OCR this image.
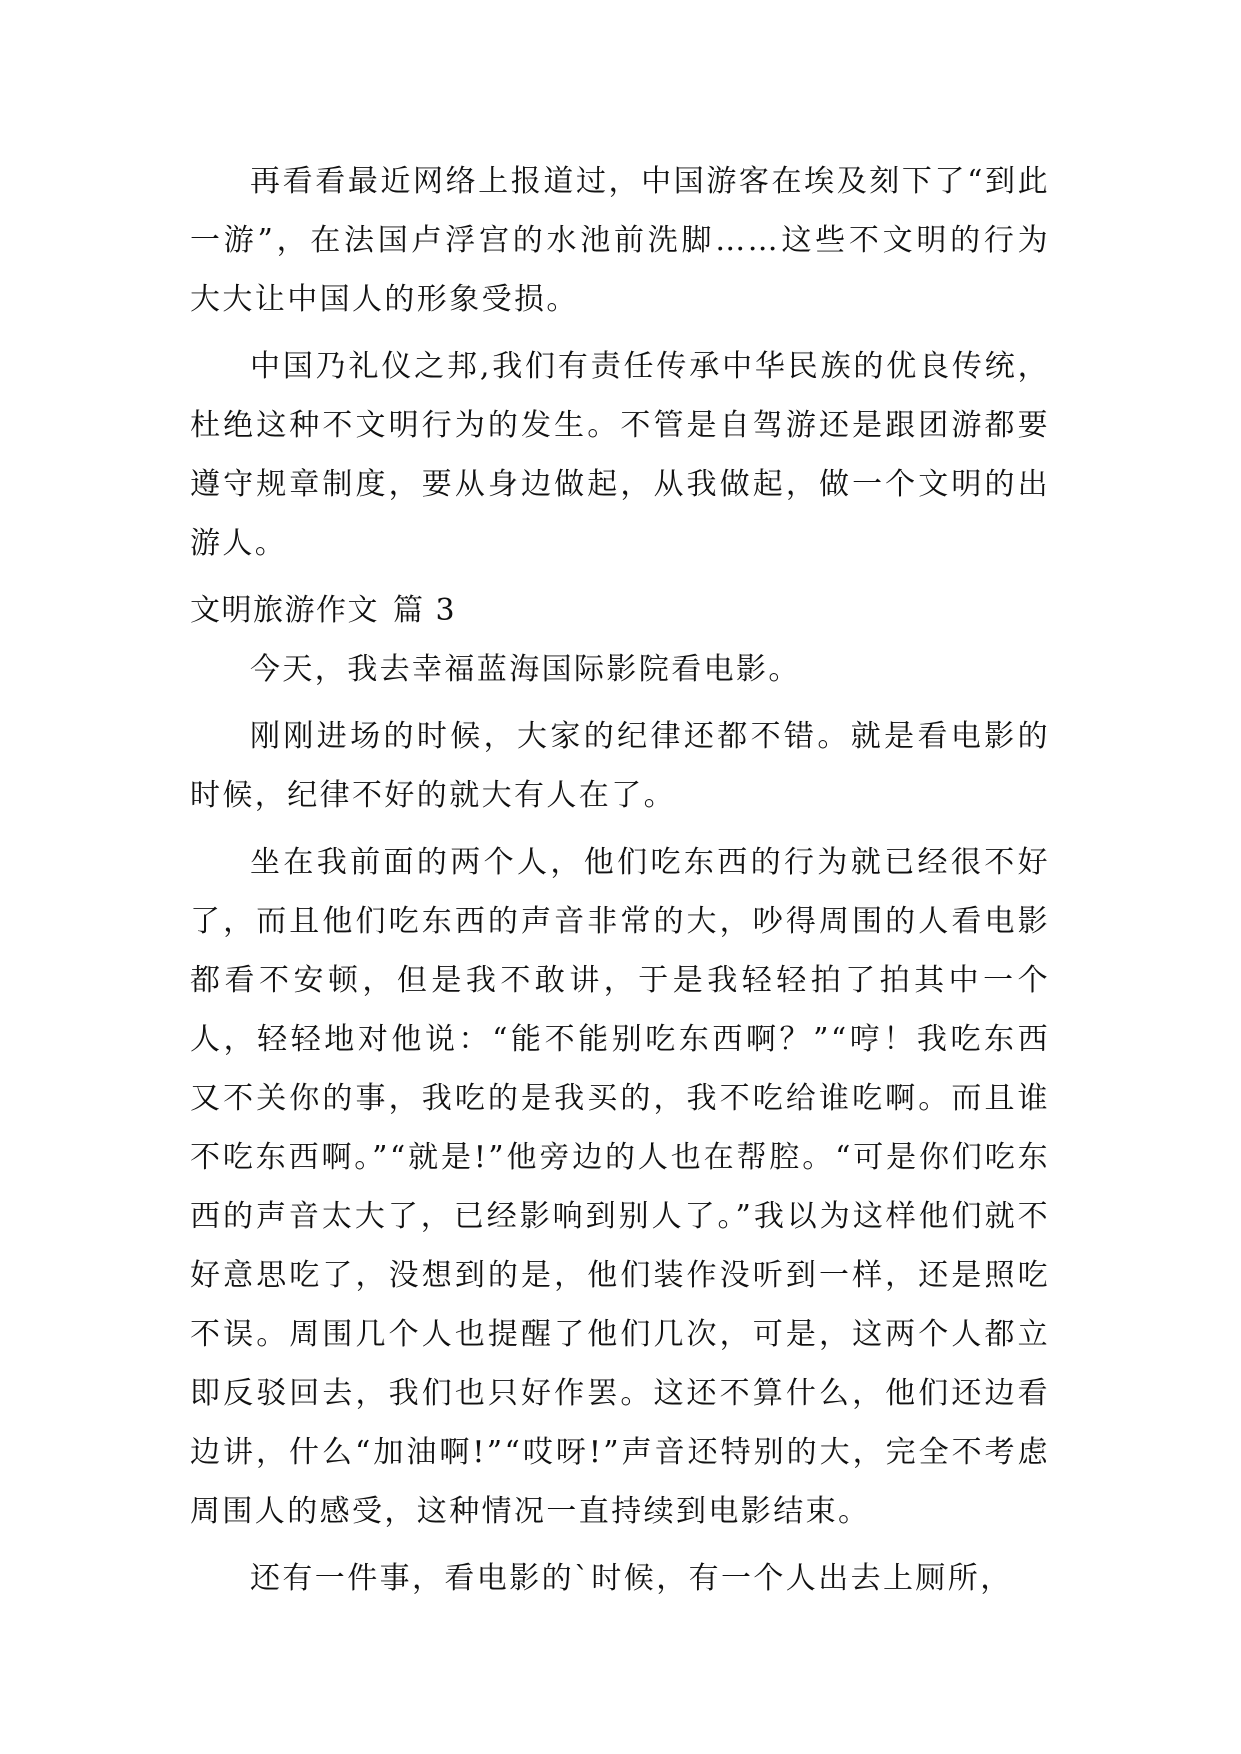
再看看最近网络上报道过，中国游客在埃及刻下了“到此一游”，在法国卢浮宫的水池前洗脚……这些不文明的行为大大让中国人的形象受损。

中国乃礼仪之邦,我们有责任传承中华民族的优良传统，杜绝这种不文明行为的发生。不管是自驾游还是跟团游都要遵守规章制度，要从身边做起，从我做起，做一个文明的出游人。

文明旅游作文 篇 3

今天，我去幸福蓝海国际影院看电影。

刚刚进场的时候，大家的纪律还都不错。就是看电影的时候，纪律不好的就大有人在了。

坐在我前面的两个人，他们吃东西的行为就已经很不好了，而且他们吃东西的声音非常的大，吵得周围的人看电影都看不安顿，但是我不敢讲，于是我轻轻拍了拍其中一个人，轻轻地对他说：“能不能别吃东西啊？”“哼！我吃东西又不关你的事，我吃的是我买的，我不吃给谁吃啊。而且谁不吃东西啊。”“就是!”他旁边的人也在帮腔。“可是你们吃东西的声音太大了，已经影响到别人了。”我以为这样他们就不好意思吃了，没想到的是，他们装作没听到一样，还是照吃不误。周围几个人也提醒了他们几次，可是，这两个人都立即反驳回去，我们也只好作罢。这还不算什么，他们还边看边讲，什么“加油啊!”“哎呀!”声音还特别的大，完全不考虑周围人的感受，这种情况一直持续到电影结束。

还有一件事，看电影的`时候，有一个人出去上厕所，
